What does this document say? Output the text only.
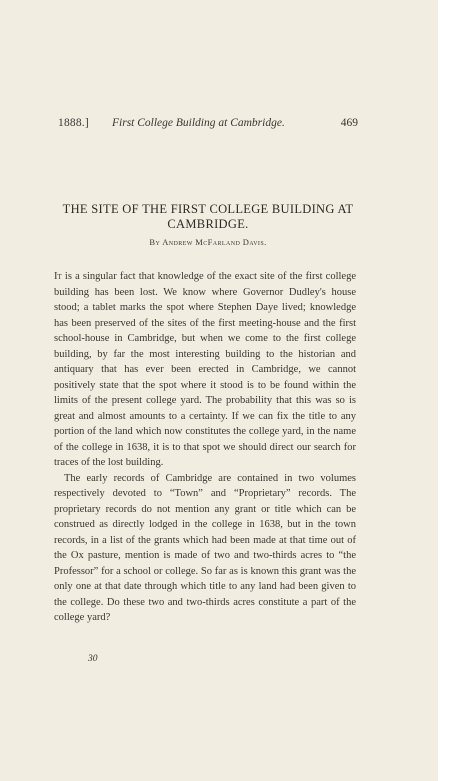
1888.] First College Building at Cambridge.	469
THE SITE OF THE FIRST COLLEGE BUILDING AT CAMBRIDGE.
By Andrew McFarland Davis.

It is a singular fact that knowledge of the exact site of the first college building has been lost. We know where Governor Dudley's house stood; a tablet marks the spot where Stephen Daye lived; knowledge has been preserved of the sites of the first meeting-house and the first school-house in Cambridge, but when we come to the first college building, by far the most interesting building to the historian and antiquary that has ever been erected in Cambridge, we cannot positively state that the spot where it stood is to be found within the limits of the present college yard. The probability that this was so is great and almost amounts to a certainty. If we can fix the title to any portion of the land which now constitutes the college yard, in the name of the college in 1638, it is to that spot we should direct our search for traces of the lost building.

The early records of Cambridge are contained in two volumes respectively devoted to “Town” and “Proprietary” records. The proprietary records do not mention any grant or title which can be construed as directly lodged in the college in 1638, but in the town records, in a list of the grants which had been made at that time out of the Ox pasture, mention is made of two and two-thirds acres to “the Professor” for a school or college. So far as is known this grant was the only one at that date through which title to any land had been given to the college. Do these two and two-thirds acres constitute a part of the college yard?

30
